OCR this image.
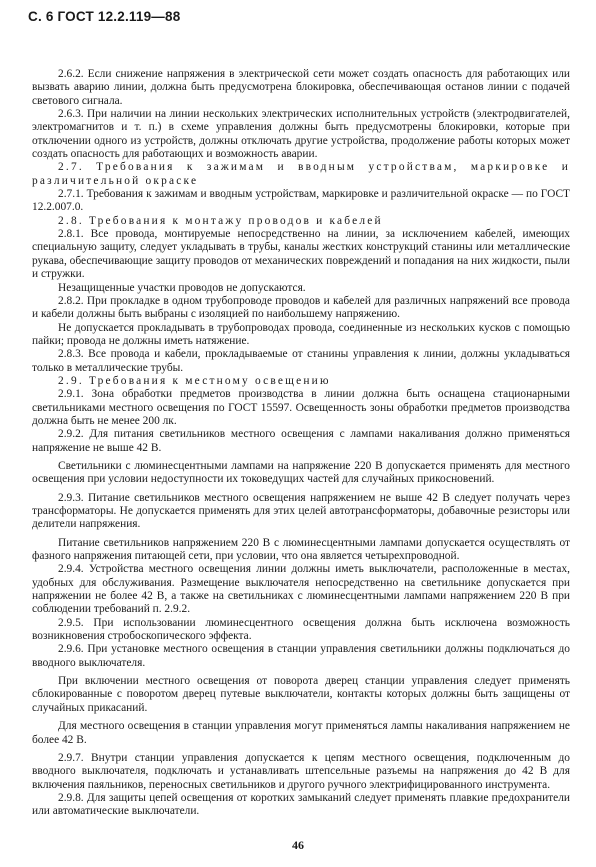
С. 6 ГОСТ 12.2.119—88

2.6.2. Если снижение напряжения в электрической сети может создать опасность для работающих или вызвать аварию линии, должна быть предусмотрена блокировка, обеспечивающая останов линии с подачей светового сигнала.

2.6.3. При наличии на линии нескольких электрических исполнительных устройств (электродвигателей, электромагнитов и т. п.) в схеме управления должны быть предусмотрены блокировки, которые при отключении одного из устройств, должны отключать другие устройства, продолжение работы которых может создать опасность для работающих и возможность аварии.

2.7. Требования к зажимам и вводным устройствам, маркировке и различительной окраске

2.7.1. Требования к зажимам и вводным устройствам, маркировке и различительной окраске — по ГОСТ 12.2.007.0.

2.8. Требования к монтажу проводов и кабелей

2.8.1. Все провода, монтируемые непосредственно на линии, за исключением кабелей, имеющих специальную защиту, следует укладывать в трубы, каналы жестких конструкций станины или металлические рукава, обеспечивающие защиту проводов от механических повреждений и попадания на них жидкости, пыли и стружки.

Незащищенные участки проводов не допускаются.

2.8.2. При прокладке в одном трубопроводе проводов и кабелей для различных напряжений все провода и кабели должны быть выбраны с изоляцией по наибольшему напряжению.

Не допускается прокладывать в трубопроводах провода, соединенные из нескольких кусков с помощью пайки; провода не должны иметь натяжение.

2.8.3. Все провода и кабели, прокладываемые от станины управления к линии, должны укладываться только в металлические трубы.

2.9. Требования к местному освещению

2.9.1. Зона обработки предметов производства в линии должна быть оснащена стационарными светильниками местного освещения по ГОСТ 15597. Освещенность зоны обработки предметов производства должна быть не менее 200 лк.

2.9.2. Для питания светильников местного освещения с лампами накаливания должно применяться напряжение не выше 42 В.

Светильники с люминесцентными лампами на напряжение 220 В допускается применять для местного освещения при условии недоступности их токоведущих частей для случайных прикосновений.

2.9.3. Питание светильников местного освещения напряжением не выше 42 В следует получать через трансформаторы. Не допускается применять для этих целей автотрансформаторы, добавочные резисторы или делители напряжения.

Питание светильников напряжением 220 В с люминесцентными лампами допускается осуществлять от фазного напряжения питающей сети, при условии, что она является четырехпроводной.

2.9.4. Устройства местного освещения линии должны иметь выключатели, расположенные в местах, удобных для обслуживания. Размещение выключателя непосредственно на светильнике допускается при напряжении не более 42 В, а также на светильниках с люминесцентными лампами напряжением 220 В при соблюдении требований п. 2.9.2.

2.9.5. При использовании люминесцентного освещения должна быть исключена возможность возникновения стробоскопического эффекта.

2.9.6. При установке местного освещения в станции управления светильники должны подключаться до вводного выключателя.

При включении местного освещения от поворота дверец станции управления следует применять сблокированные с поворотом дверец путевые выключатели, контакты которых должны быть защищены от случайных прикасаний.

Для местного освещения в станции управления могут применяться лампы накаливания напряжением не более 42 В.

2.9.7. Внутри станции управления допускается к цепям местного освещения, подключенным до вводного выключателя, подключать и устанавливать штепсельные разъемы на напряжения до 42 В для включения паяльников, переносных светильников и другого ручного электрифицированного инструмента.

2.9.8. Для защиты цепей освещения от коротких замыканий следует применять плавкие предохранители или автоматические выключатели.

46
